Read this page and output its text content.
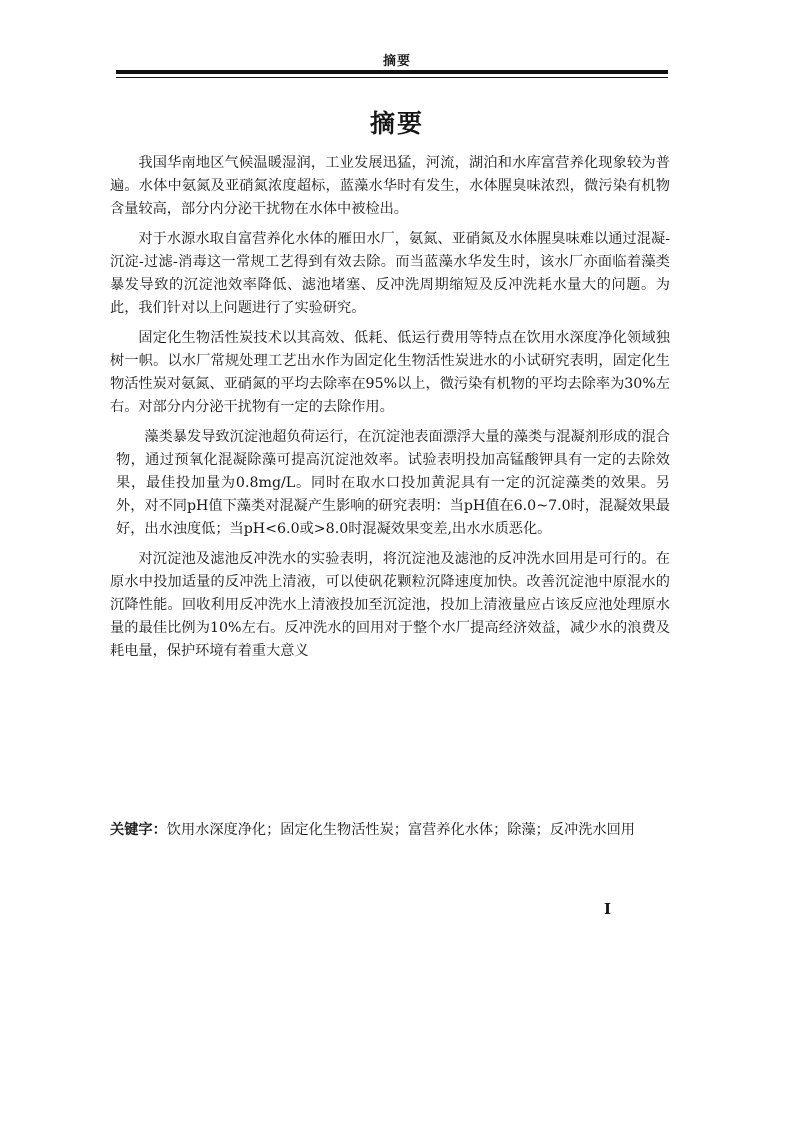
摘要
摘要

我国华南地区气候温暖湿润，工业发展迅猛，河流，湖泊和水库富营养化现象较为普遍。水体中氨氮及亚硝氮浓度超标，蓝藻水华时有发生，水体腥臭味浓烈，微污染有机物含量较高，部分内分泌干扰物在水体中被检出。

对于水源水取自富营养化水体的雁田水厂，氨氮、亚硝氮及水体腥臭味难以通过混凝-沉淀-过滤-消毒这一常规工艺得到有效去除。而当蓝藻水华发生时，该水厂亦面临着藻类暴发导致的沉淀池效率降低、滤池堵塞、反冲洗周期缩短及反冲洗耗水量大的问题。为此，我们针对以上问题进行了实验研究。

固定化生物活性炭技术以其高效、低耗、低运行费用等特点在饮用水深度净化领域独树一帜。以水厂常规处理工艺出水作为固定化生物活性炭进水的小试研究表明，固定化生物活性炭对氨氮、亚硝氮的平均去除率在95%以上，微污染有机物的平均去除率为30%左右。对部分内分泌干扰物有一定的去除作用。

藻类暴发导致沉淀池超负荷运行，在沉淀池表面漂浮大量的藻类与混凝剂形成的混合物，通过预氧化混凝除藻可提高沉淀池效率。试验表明投加高锰酸钾具有一定的去除效果，最佳投加量为0.8mg/L。同时在取水口投加黄泥具有一定的沉淀藻类的效果。另外，对不同pH值下藻类对混凝产生影响的研究表明：当pH值在6.0~7.0时，混凝效果最好，出水浊度低；当pH<6.0或>8.0时混凝效果变差,出水水质恶化。

对沉淀池及滤池反冲洗水的实验表明，将沉淀池及滤池的反冲洗水回用是可行的。在原水中投加适量的反冲洗上清液，可以使矾花颗粒沉降速度加快。改善沉淀池中原混水的沉降性能。回收利用反冲洗水上清液投加至沉淀池，投加上清液量应占该反应池处理原水量的最佳比例为10%左右。反冲洗水的回用对于整个水厂提高经济效益，减少水的浪费及耗电量，保护环境有着重大意义

关键字： 饮用水深度净化；固定化生物活性炭；富营养化水体；除藻；反冲洗水回用
I
